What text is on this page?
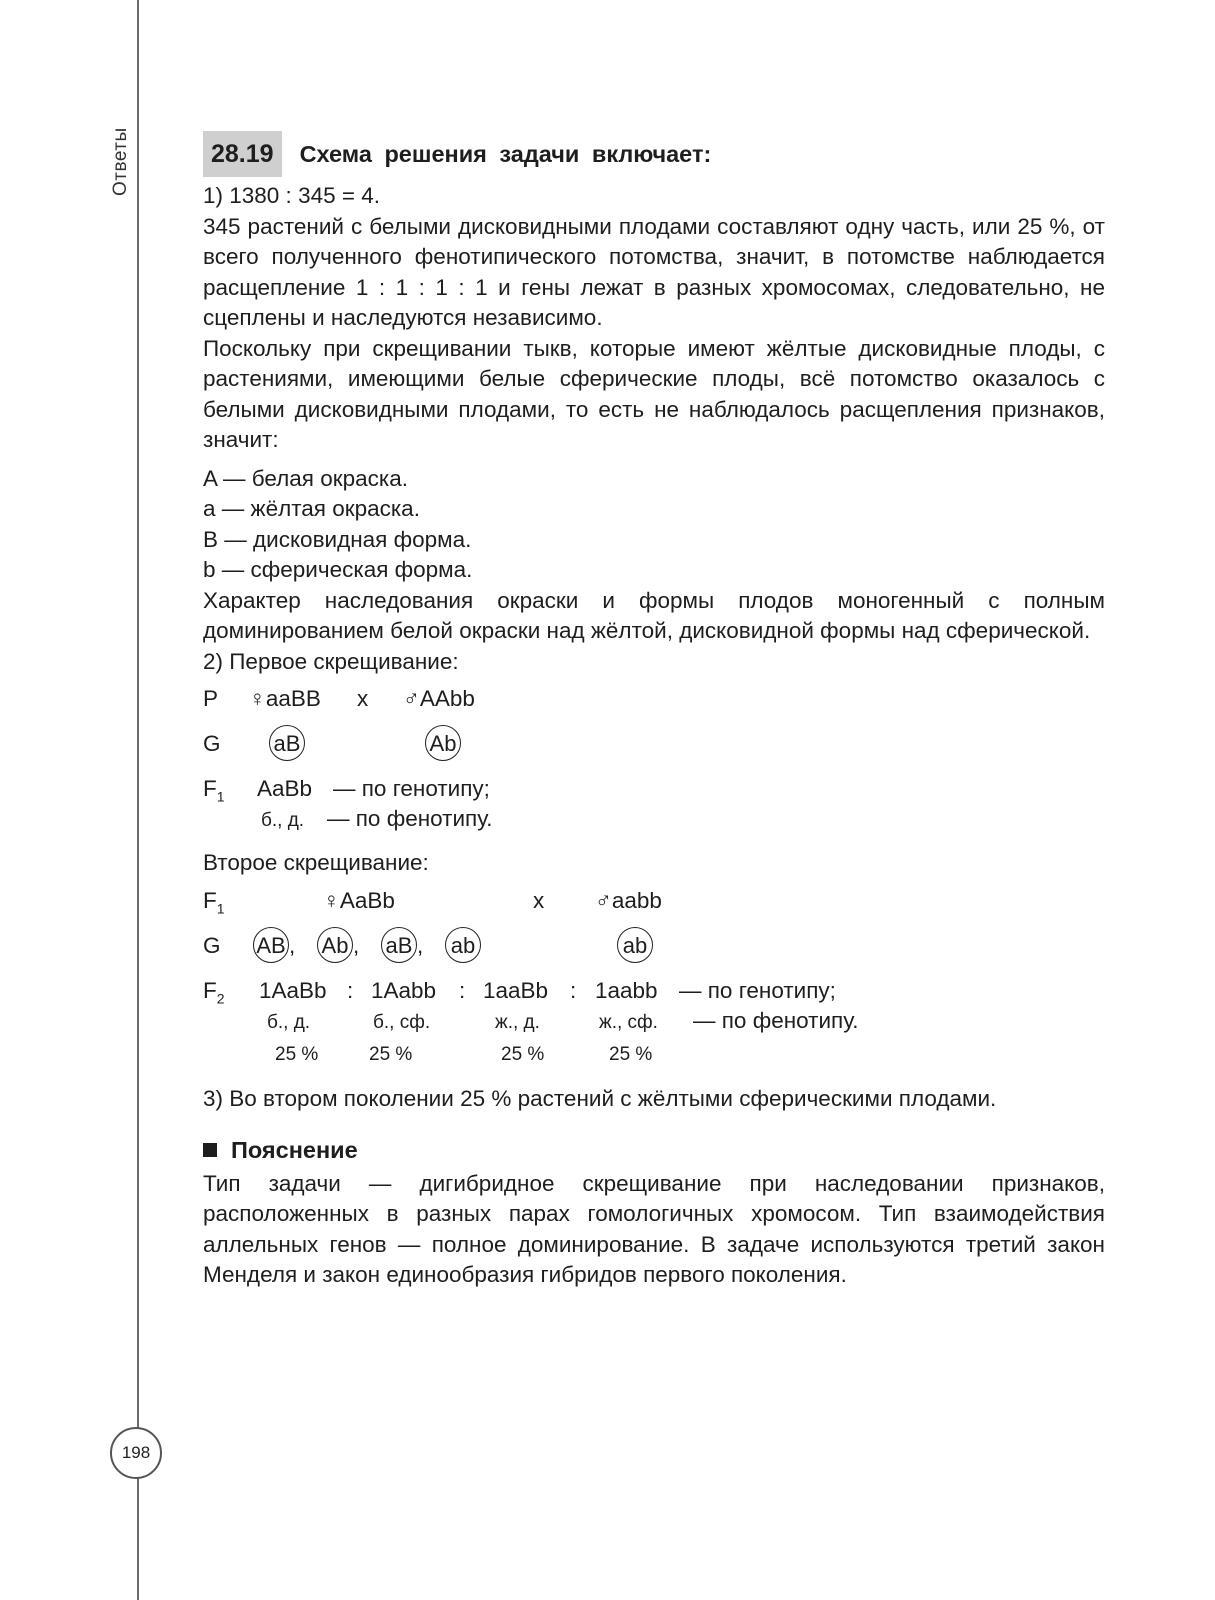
Ответы
198
28.19	Схема решения задачи включает:

1) 1380 : 345 = 4.

345 растений с белыми дисковидными плодами составляют одну часть, или 25 %, от всего полученного фенотипического потомства, значит, в потомстве наблюдается расщепление 1 : 1 : 1 : 1 и гены лежат в разных хромосомах, следовательно, не сцеплены и наследуются независимо.

Поскольку при скрещивании тыкв, которые имеют жёлтые дисковидные плоды, с растениями, имеющими белые сферические плоды, всё потомство оказалось с белыми дисковидными плодами, то есть не наблюдалось расщепления признаков, значит:

A — белая окраска.

a — жёлтая окраска.

B — дисковидная форма.

b — сферическая форма.

Характер наследования окраски и формы плодов моногенный с полным доминированием белой окраски над жёлтой, дисковидной формы над сферической.

2) Первое скрещивание:

P ♀aaBB x ♂AAbb
G aB	Ab
$F_1$ AaBb — по генотипу;
б., д. — по фенотипу.

Второе скрещивание:

$F_1$	♀AaBb	x ♂aabb
G AB , Ab , aB , ab	ab
$F_2$ 1AaBb : 1Aabb : 1aaBb : 1aabb — по генотипу;
б., д.	б., сф.	ж., д.	ж., сф. — по фенотипу.
25 %	25 %	25 %	25 %

3) Во втором поколении 25 % растений с жёлтыми сферическими плодами.

Пояснение

Тип задачи — дигибридное скрещивание при наследовании признаков, расположенных в разных парах гомологичных хромосом. Тип взаимодействия аллельных генов — полное доминирование. В задаче используются третий закон Менделя и закон единообразия гибридов первого поколения.
